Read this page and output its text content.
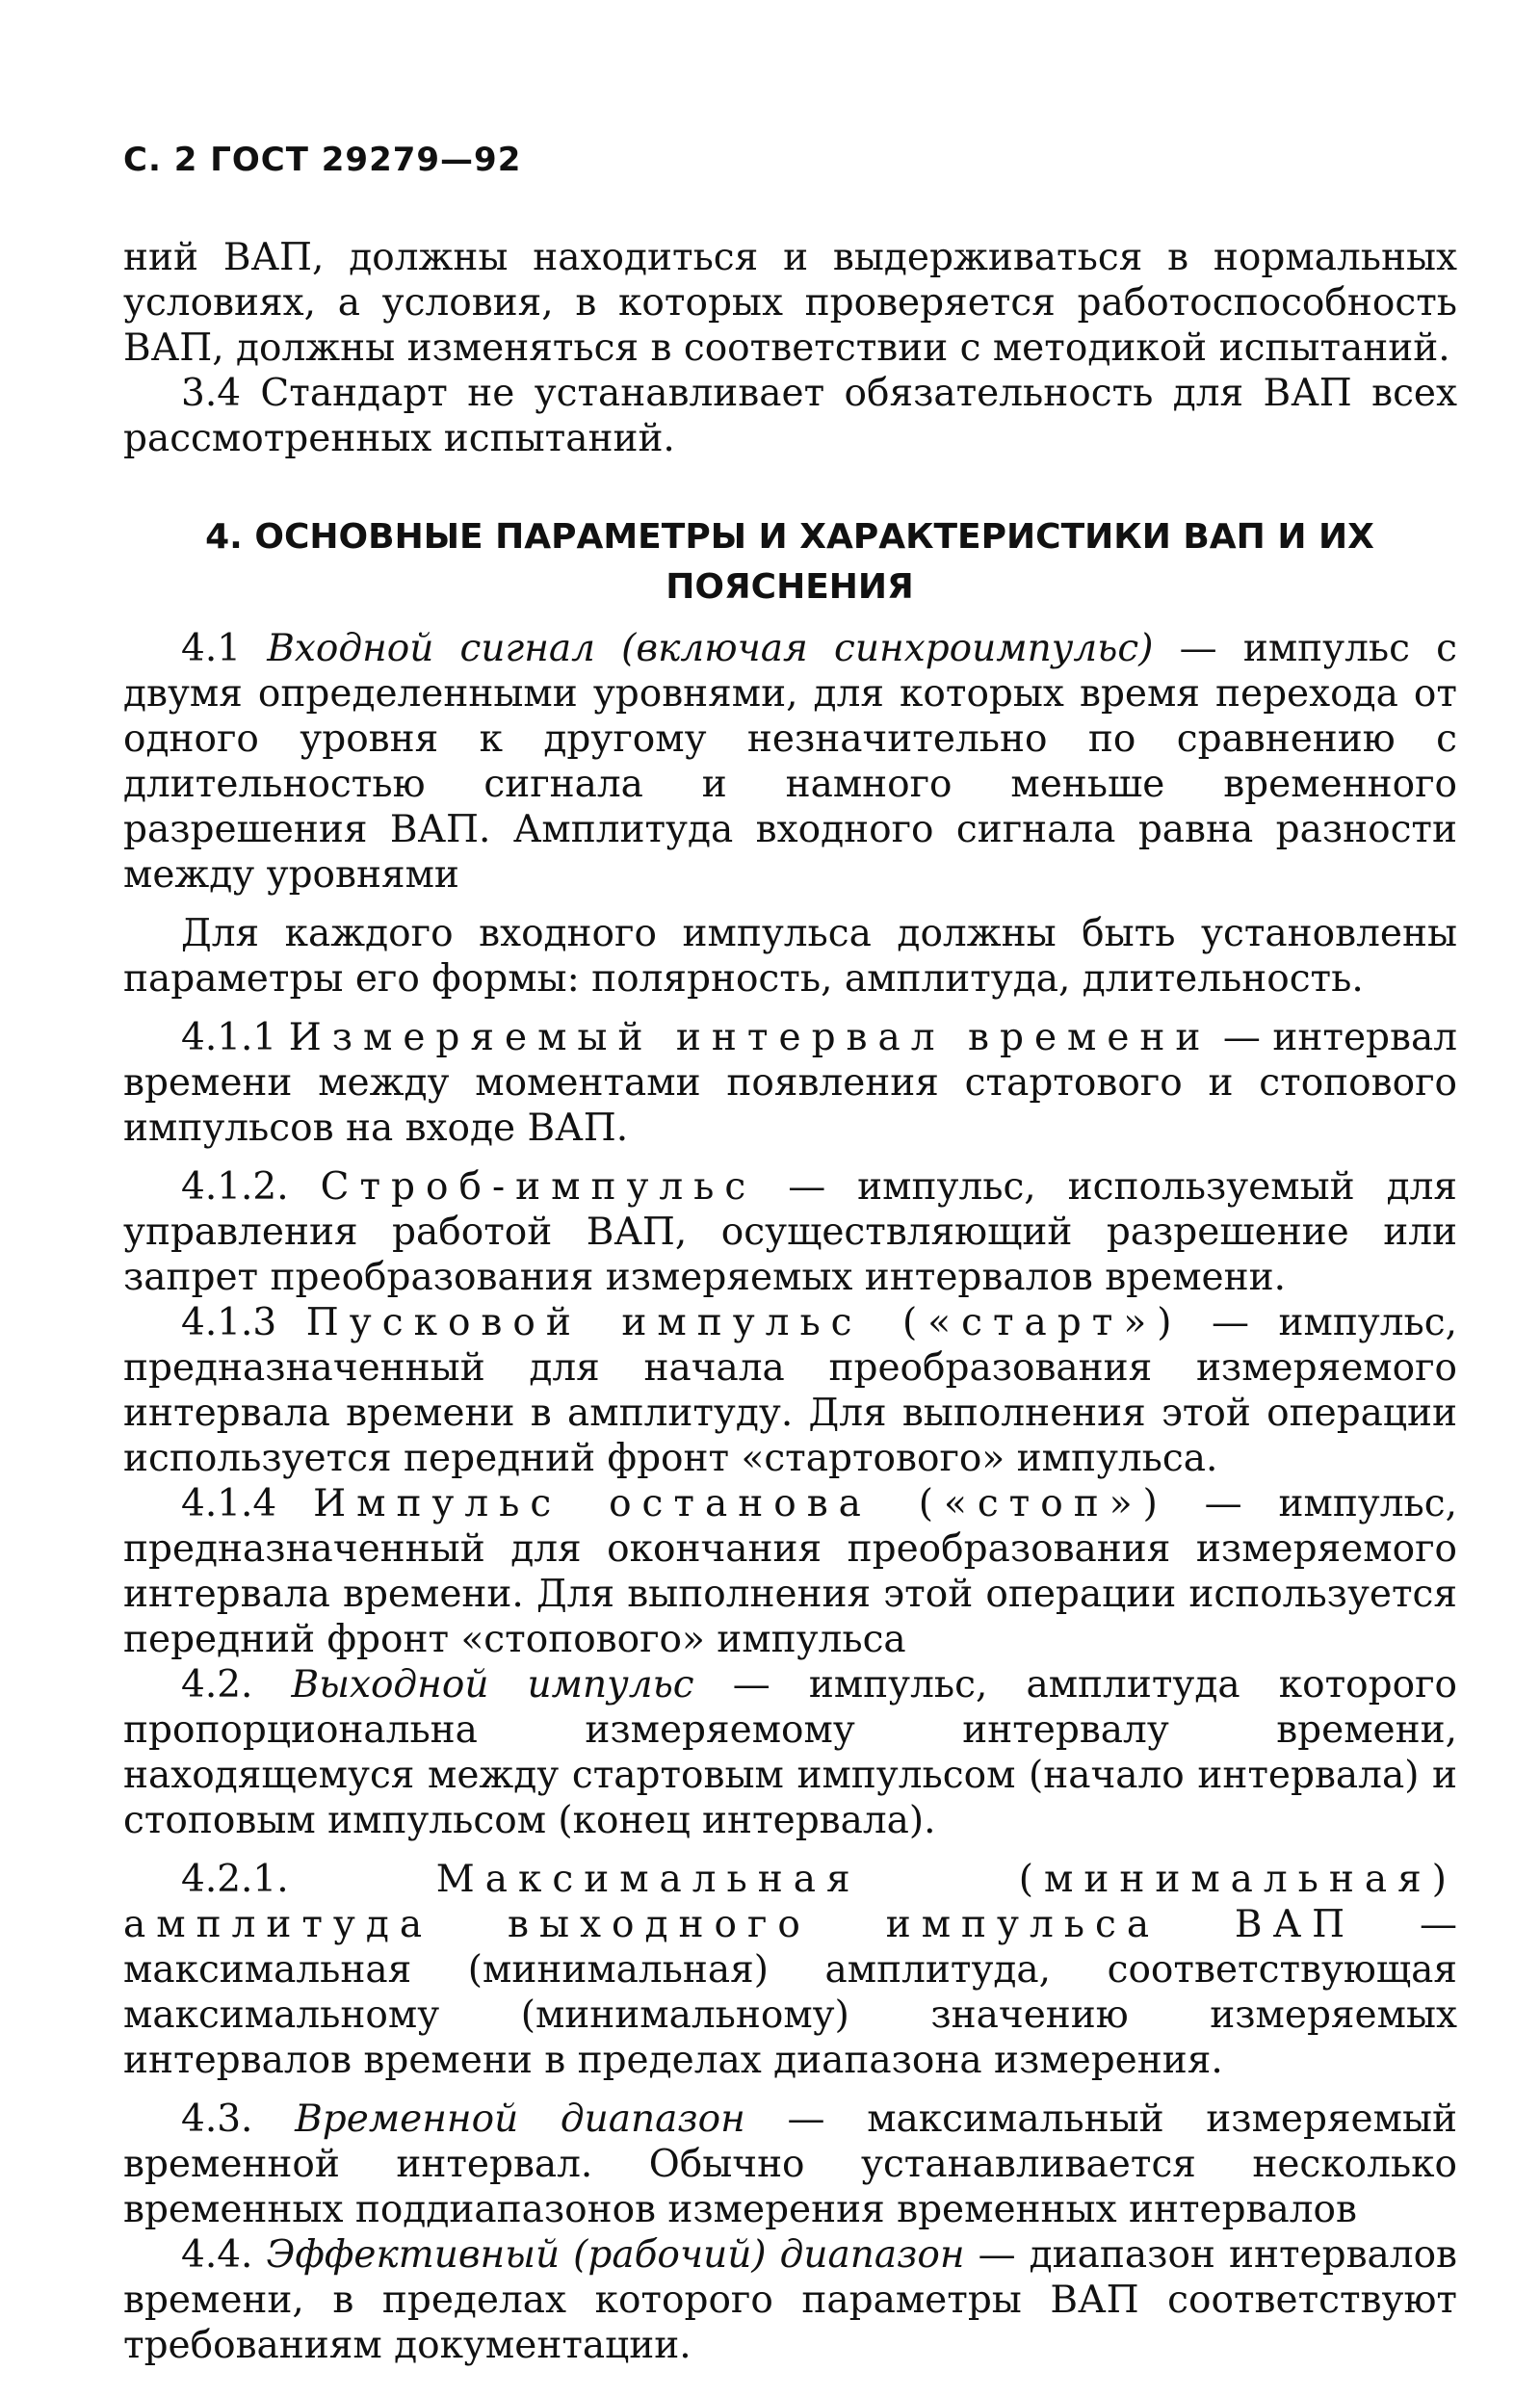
С. 2 ГОСТ 29279—92

ний ВАП, должны находиться и выдерживаться в нормальных условиях, а условия, в которых проверяется работоспособность ВАП, должны изменяться в соответствии с методикой испытаний.

3.4 Стандарт не устанавливает обязательность для ВАП всех рассмотренных испытаний.

4. ОСНОВНЫЕ ПАРАМЕТРЫ И ХАРАКТЕРИСТИКИ ВАП И ИХ
ПОЯСНЕНИЯ

4.1 Входной сигнал (включая синхроимпульс) — импульс с двумя определенными уровнями, для которых время перехода от одного уровня к другому незначительно по сравнению с длительностью сигнала и намного меньше временного разрешения ВАП. Амплитуда входного сигнала равна разности между уровнями

Для каждого входного импульса должны быть установлены параметры его формы: полярность, амплитуда, длительность.

4.1.1 Измеряемый интервал времени — интервал времени между моментами появления стартового и стопового импульсов на входе ВАП.

4.1.2. Строб-импульс — импульс, используемый для управления работой ВАП, осуществляющий разрешение или запрет преобразования измеряемых интервалов времени.

4.1.3 Пусковой импульс («старт») — импульс, предназначенный для начала преобразования измеряемого интервала времени в амплитуду. Для выполнения этой операции используется передний фронт «стартового» импульса.

4.1.4 Импульс останова («стоп») — импульс, предназначенный для окончания преобразования измеряемого интервала времени. Для выполнения этой операции используется передний фронт «стопового» импульса

4.2. Выходной импульс — импульс, амплитуда которого пропорциональна измеряемому интервалу времени, находящемуся между стартовым импульсом (начало интервала) и стоповым импульсом (конец интервала).

4.2.1.	Максимальная (минимальная) амплитуда выходного импульса ВАП — максимальная (минимальная) амплитуда, соответствующая максимальному (минимальному) значению измеряемых интервалов времени в пределах диапазона измерения.

4.3. Временной диапазон — максимальный измеряемый временной интервал. Обычно устанавливается несколько временных поддиапазонов измерения временных интервалов

4.4. Эффективный (рабочий) диапазон — диапазон интервалов времени, в пределах которого параметры ВАП соответствуют требованиям документации.
